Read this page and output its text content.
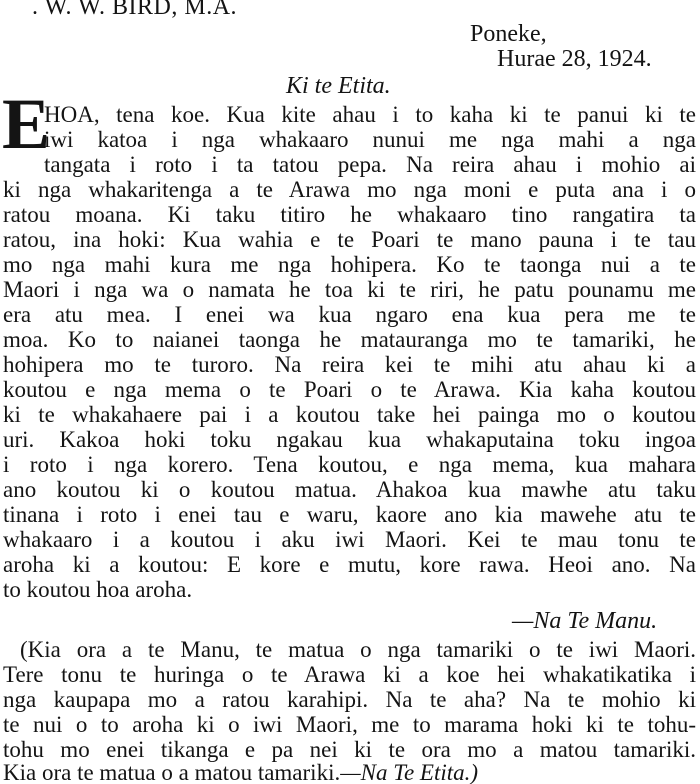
. W. W. BIRD, M.A.
Poneke,
Hurae 28, 1924.
Ki te Etita.
E
HOA, tena koe. Kua kite ahau i to kaha ki te panui ki te
iwi katoa i nga whakaaro nunui me nga mahi a nga
tangata i roto i ta tatou pepa. Na reira ahau i mohio ai
ki nga whakaritenga a te Arawa mo nga moni e puta ana i o
ratou moana. Ki taku titiro he whakaaro tino rangatira ta
ratou, ina hoki: Kua wahia e te Poari te mano pauna i te tau
mo nga mahi kura me nga hohipera. Ko te taonga nui a te
Maori i nga wa o namata he toa ki te riri, he patu pounamu me
era atu mea. I enei wa kua ngaro ena kua pera me te
moa. Ko to naianei taonga he matauranga mo te tamariki, he
hohipera mo te turoro. Na reira kei te mihi atu ahau ki a
koutou e nga mema o te Poari o te Arawa. Kia kaha koutou
ki te whakahaere pai i a koutou take hei painga mo o koutou
uri. Kakoa hoki toku ngakau kua whakaputaina toku ingoa
i roto i nga korero. Tena koutou, e nga mema, kua mahara
ano koutou ki o koutou matua. Ahakoa kua mawhe atu taku
tinana i roto i enei tau e waru, kaore ano kia mawehe atu te
whakaaro i a koutou i aku iwi Maori. Kei te mau tonu te
aroha ki a koutou: E kore e mutu, kore rawa. Heoi ano. Na
to koutou hoa aroha.
—Na Te Manu.
(Kia ora a te Manu, te matua o nga tamariki o te iwi Maori.
Tere tonu te huringa o te Arawa ki a koe hei whakatikatika i
nga kaupapa mo a ratou karahipi. Na te aha? Na te mohio ki
te nui o to aroha ki o iwi Maori, me to marama hoki ki te tohu-
tohu mo enei tikanga e pa nei ki te ora mo a matou tamariki.
Kia ora te matua o a matou tamariki.—Na Te Etita.)
